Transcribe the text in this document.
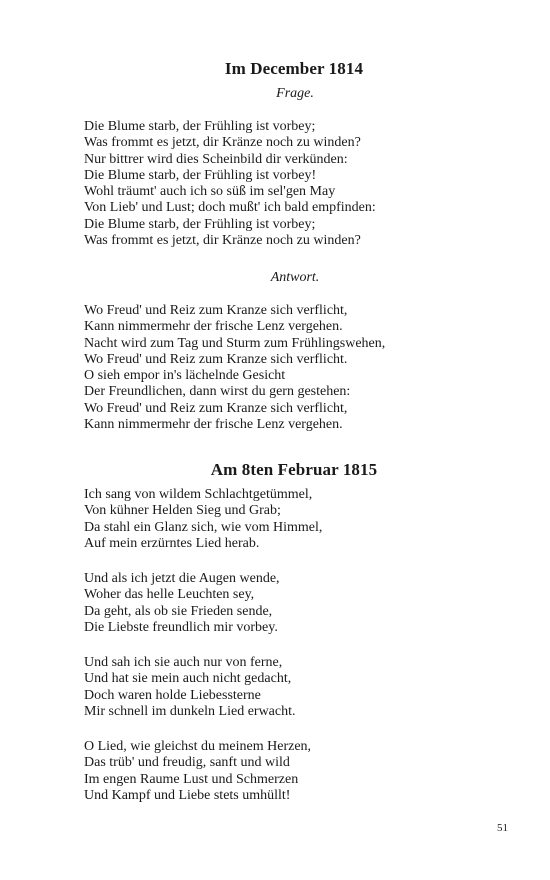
Im December 1814
Frage.
Die Blume starb, der Frühling ist vorbey;
Was frommt es jetzt, dir Kränze noch zu winden?
Nur bittrer wird dies Scheinbild dir verkünden:
Die Blume starb, der Frühling ist vorbey!
Wohl träumt' auch ich so süß im sel'gen May
Von Lieb' und Lust; doch mußt' ich bald empfinden:
Die Blume starb, der Frühling ist vorbey;
Was frommt es jetzt, dir Kränze noch zu winden?
Antwort.
Wo Freud' und Reiz zum Kranze sich verflicht,
Kann nimmermehr der frische Lenz vergehen.
Nacht wird zum Tag und Sturm zum Frühlingswehen,
Wo Freud' und Reiz zum Kranze sich verflicht.
O sieh empor in's lächelnde Gesicht
Der Freundlichen, dann wirst du gern gestehen:
Wo Freud' und Reiz zum Kranze sich verflicht,
Kann nimmermehr der frische Lenz vergehen.
Am 8ten Februar 1815
Ich sang von wildem Schlachtgetümmel,
Von kühner Helden Sieg und Grab;
Da stahl ein Glanz sich, wie vom Himmel,
Auf mein erzürntes Lied herab.
Und als ich jetzt die Augen wende,
Woher das helle Leuchten sey,
Da geht, als ob sie Frieden sende,
Die Liebste freundlich mir vorbey.
Und sah ich sie auch nur von ferne,
Und hat sie mein auch nicht gedacht,
Doch waren holde Liebessterne
Mir schnell im dunkeln Lied erwacht.
O Lied, wie gleichst du meinem Herzen,
Das trüb' und freudig, sanft und wild
Im engen Raume Lust und Schmerzen
Und Kampf und Liebe stets umhüllt!
51
